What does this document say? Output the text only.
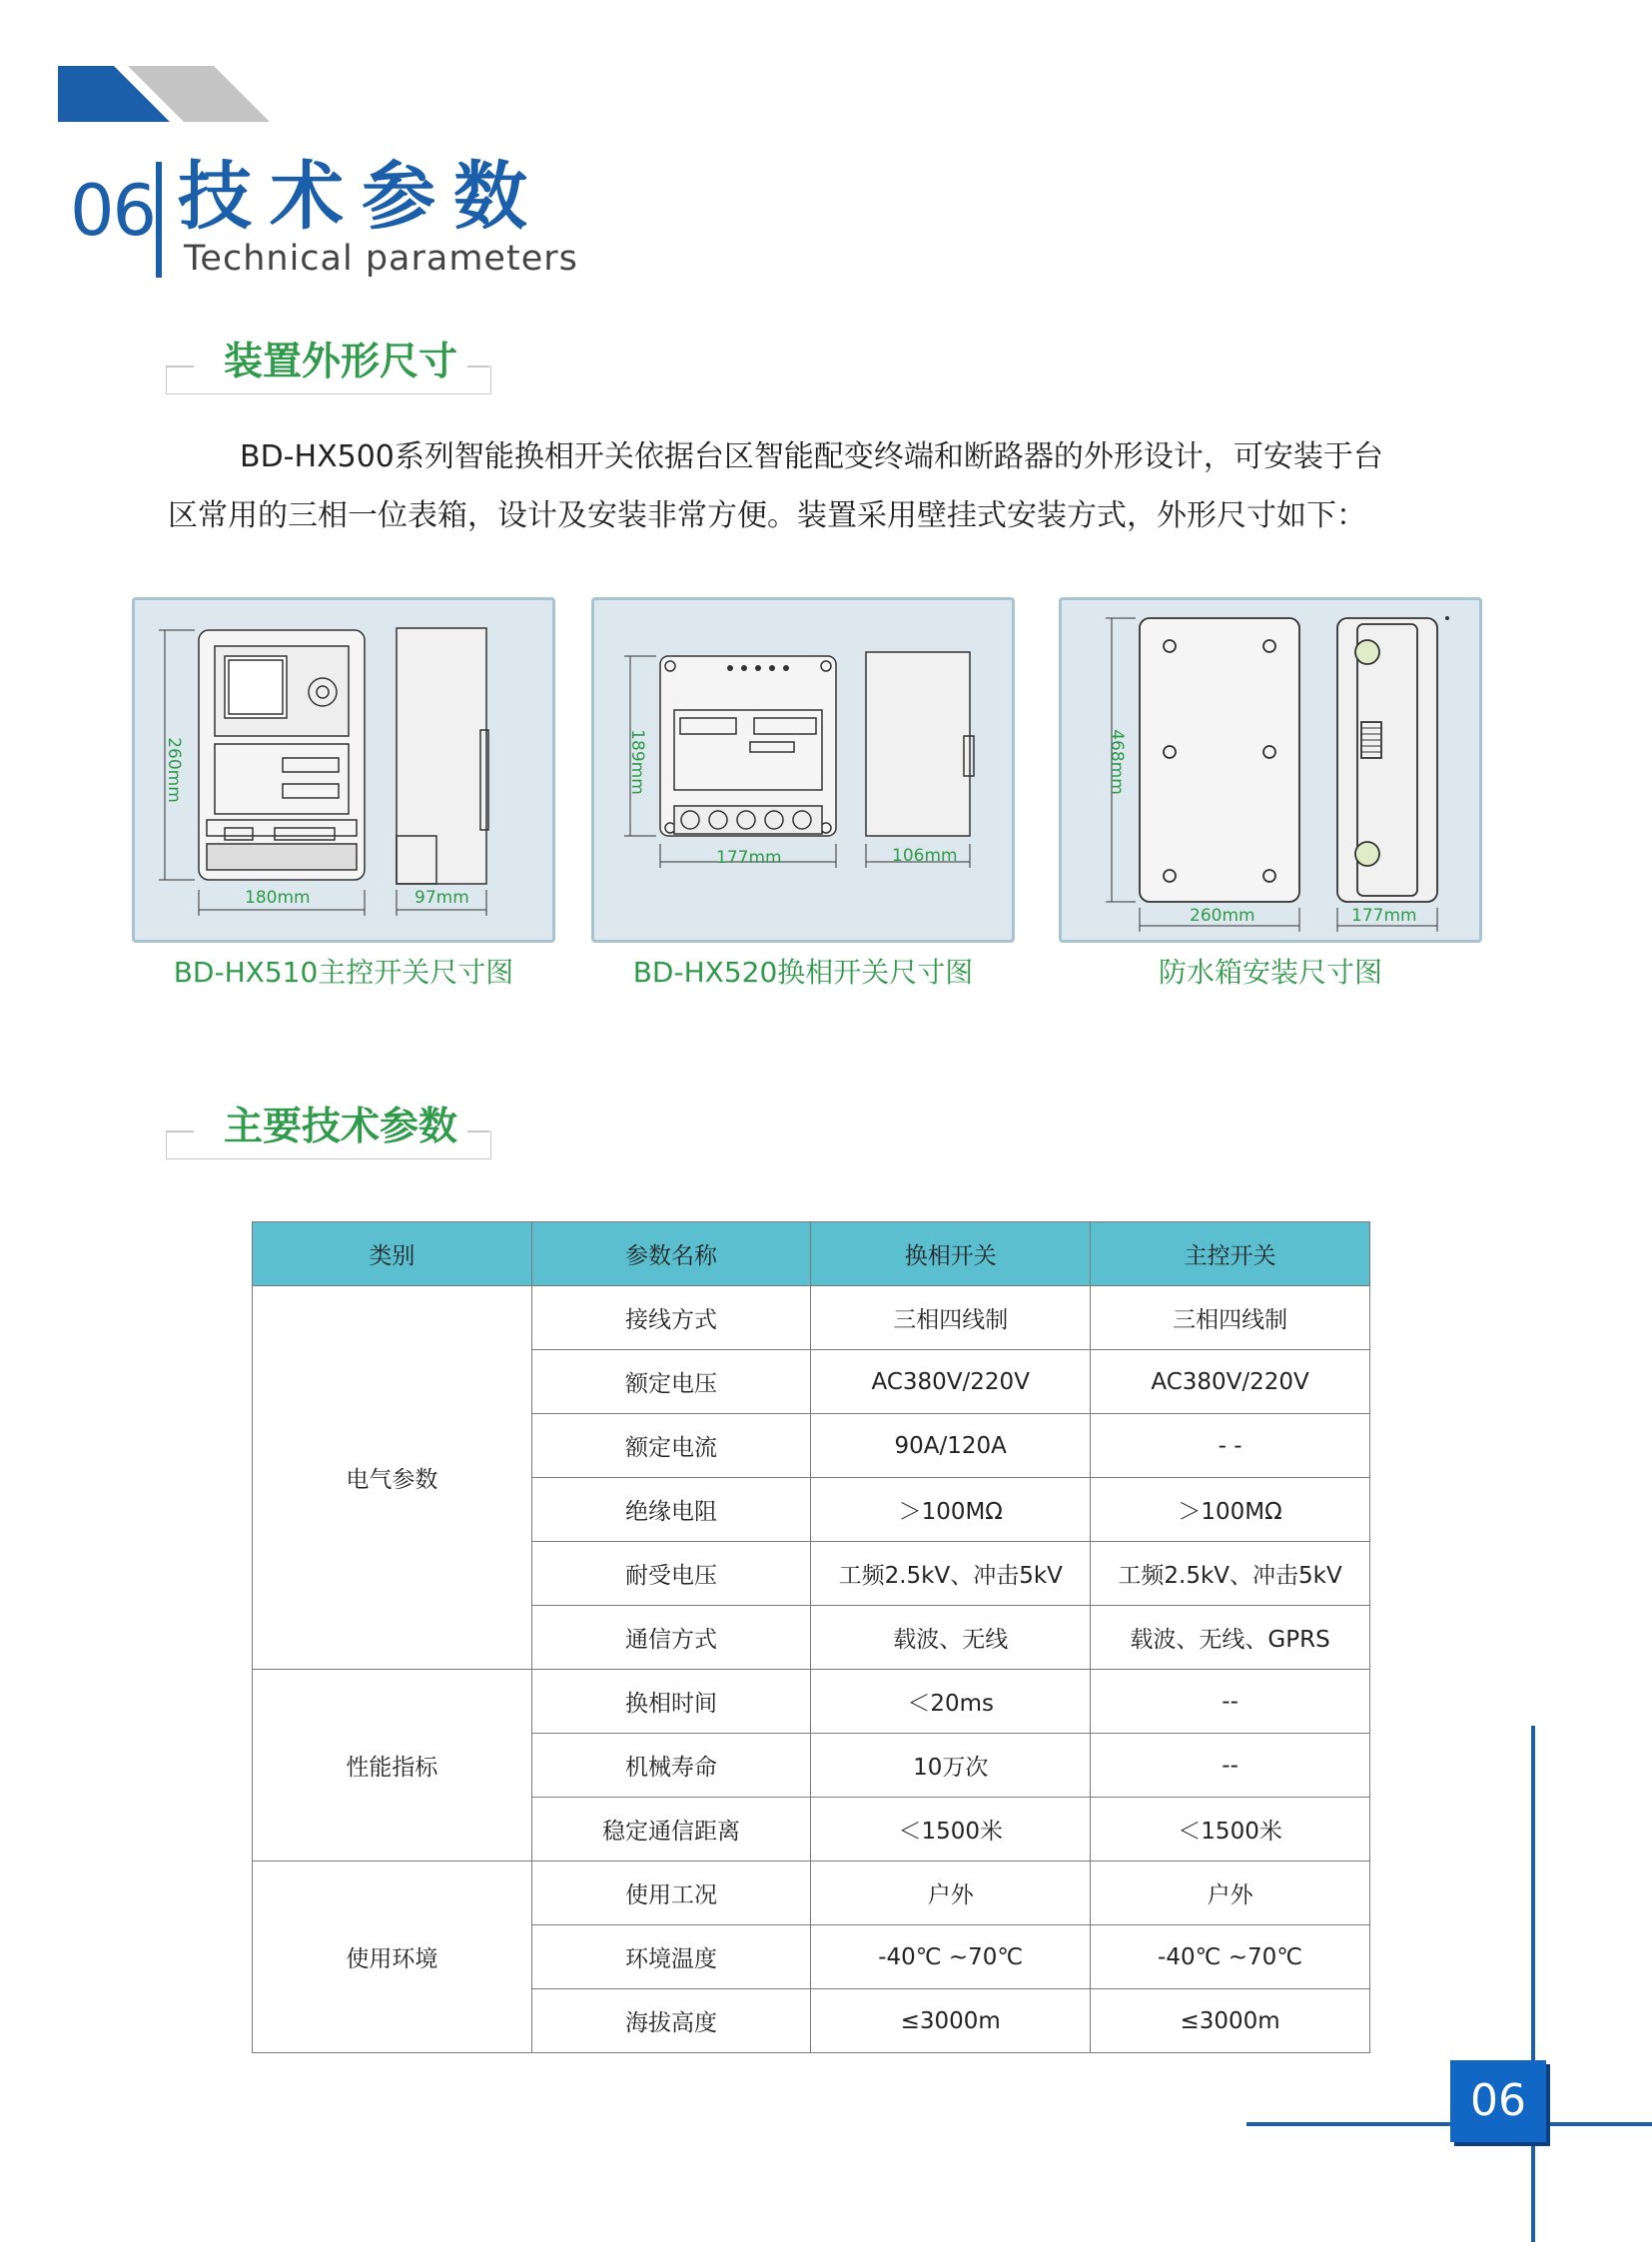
06 技术参数
Technical parameters
装置外形尺寸

BD-HX500系列智能换相开关依据台区智能配变终端和断路器的外形设计，可安装于台

区常用的三相一位表箱，设计及安装非常方便。装置采用壁挂式安装方式，外形尺寸如下：

260mm
180mm	97mm
BD-HX510主控开关尺寸图
189mm
177mm	106mm
BD-HX520换相开关尺寸图
468mm
260mm	177mm
防水箱安装尺寸图
主要技术参数
类别	参数名称	换相开关	主控开关
电气参数	接线方式	三相四线制	三相四线制
	额定电压	AC380V/220V	AC380V/220V
	额定电流	90A/120A	- -
	绝缘电阻	＞100MΩ	＞100MΩ
	耐受电压	工频2.5kV、冲击5kV	工频2.5kV、冲击5kV
	通信方式	载波、无线	载波、无线、GPRS
性能指标	换相时间	＜20ms	--
	机械寿命	10万次	--
	稳定通信距离	＜1500米	＜1500米
使用环境	使用工况	户外	户外
	环境温度	-40℃ ~70℃	-40℃ ~70℃
	海拔高度	≤3000m	≤3000m
06
